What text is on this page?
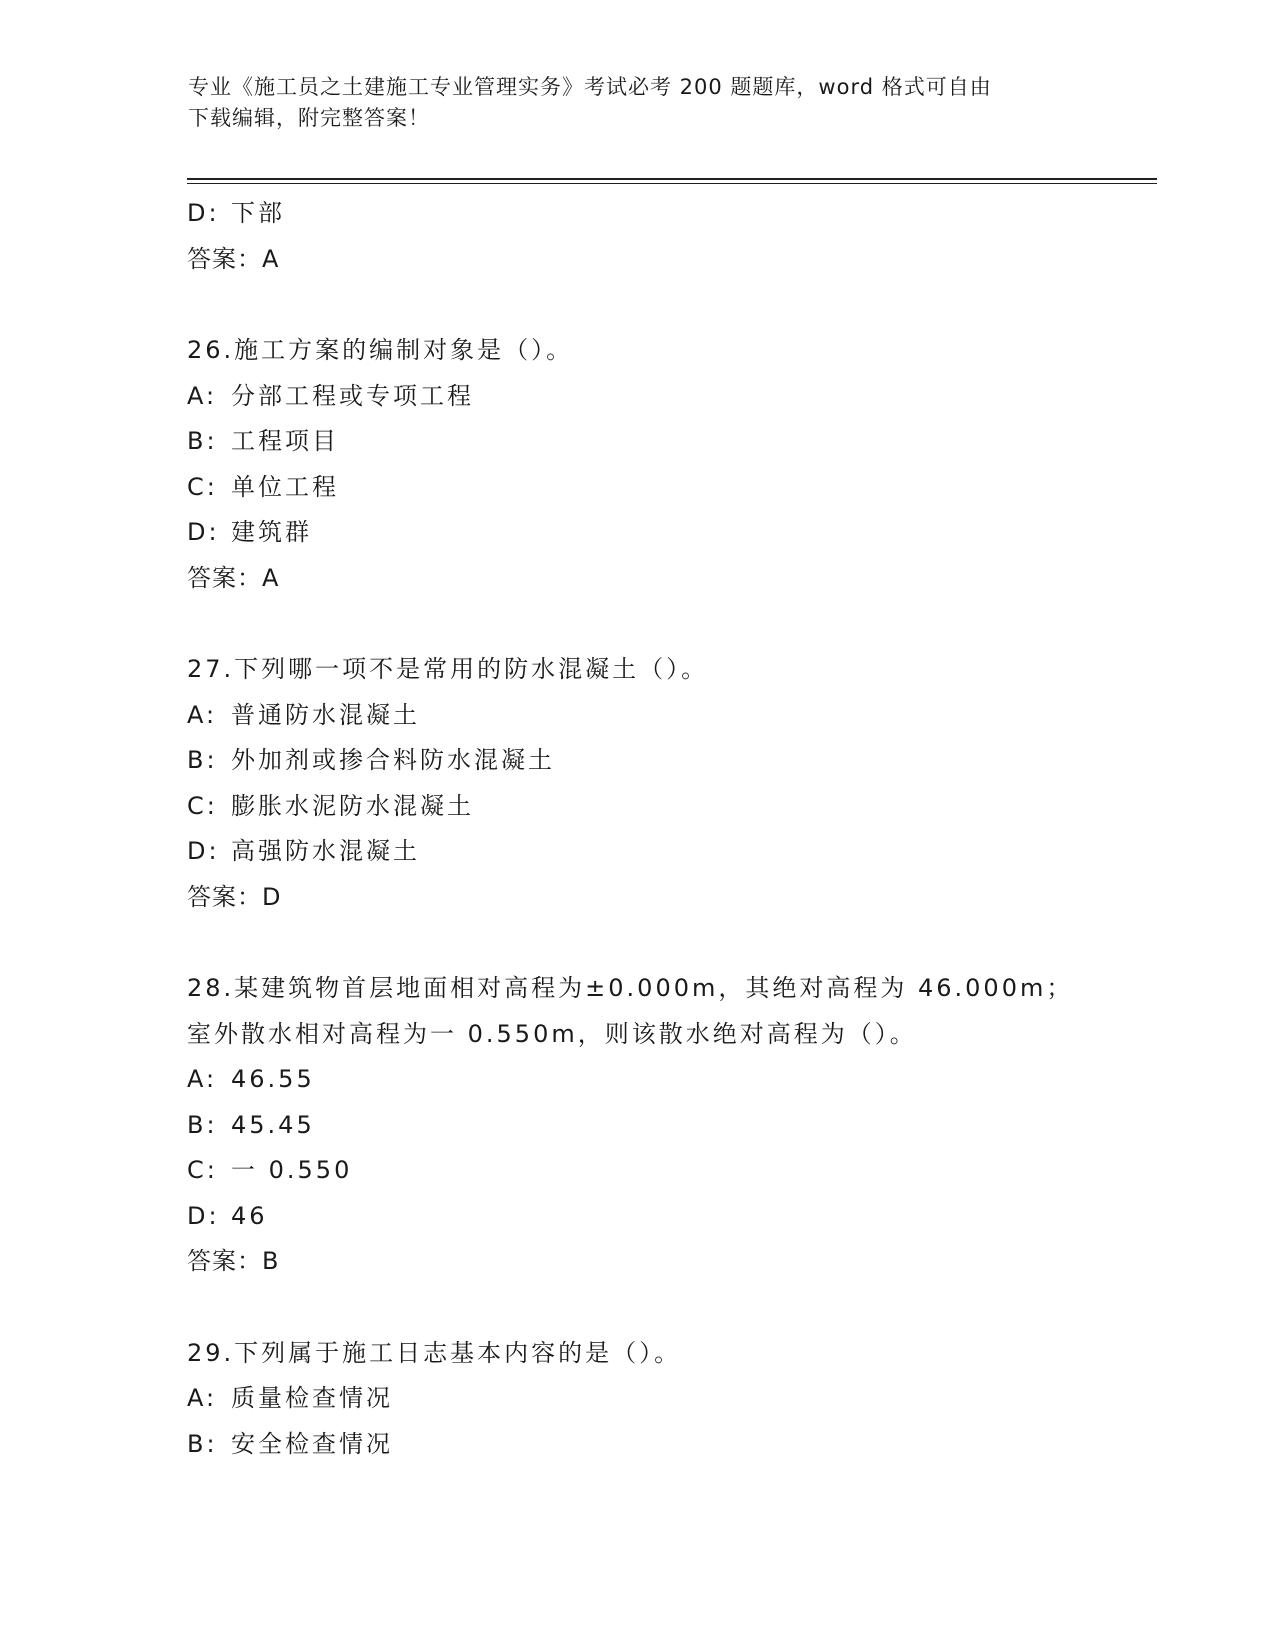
专业《施工员之土建施工专业管理实务》考试必考 200 题题库，word 格式可自由
下载编辑，附完整答案！
D: 下部
答案：A
26.施工方案的编制对象是（）。
A: 分部工程或专项工程
B: 工程项目
C: 单位工程
D: 建筑群
答案：A
27.下列哪一项不是常用的防水混凝土（）。
A: 普通防水混凝土
B: 外加剂或掺合料防水混凝土
C: 膨胀水泥防水混凝土
D: 高强防水混凝土
答案：D
28.某建筑物首层地面相对高程为±0.000m，其绝对高程为 46.000m；
室外散水相对高程为一 0.550m，则该散水绝对高程为（）。
A: 46.55
B: 45.45
C: 一 0.550
D: 46
答案：B
29.下列属于施工日志基本内容的是（）。
A: 质量检查情况
B: 安全检查情况
